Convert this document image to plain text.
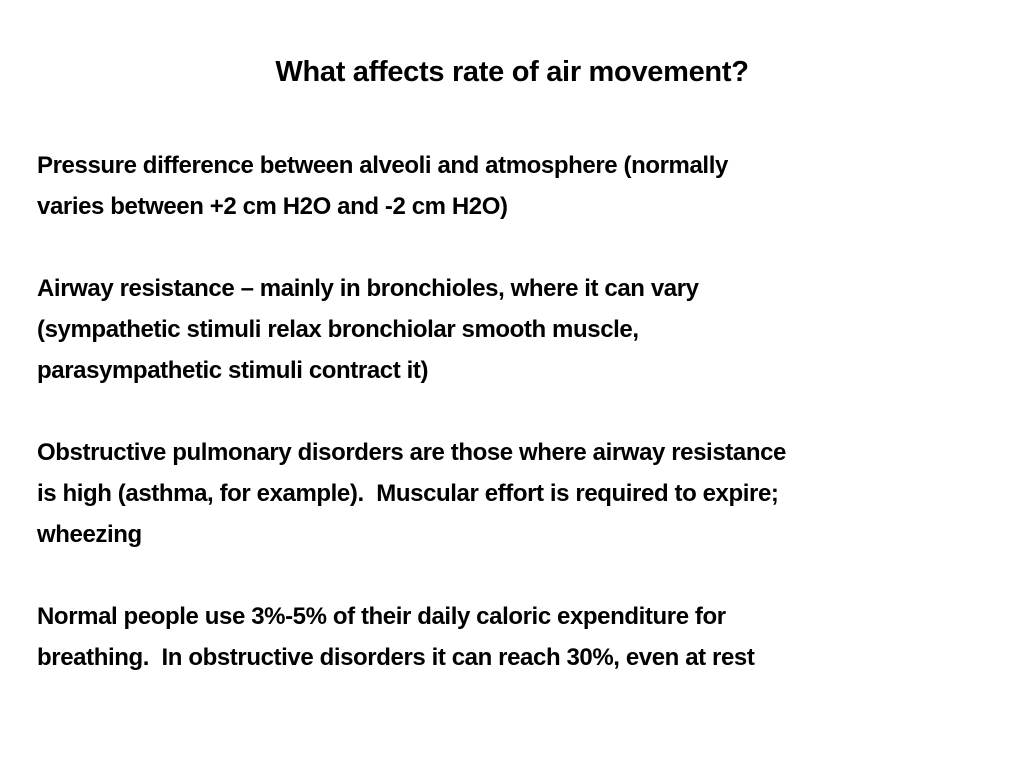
What affects rate of air movement?
Pressure difference between alveoli and atmosphere (normally
varies between +2 cm H2O and -2 cm H2O)
Airway resistance – mainly in bronchioles, where it can vary
(sympathetic stimuli relax bronchiolar smooth muscle,
parasympathetic stimuli contract it)
Obstructive pulmonary disorders are those where airway resistance
is high (asthma, for example).  Muscular effort is required to expire;
wheezing
Normal people use 3%-5% of their daily caloric expenditure for
breathing.  In obstructive disorders it can reach 30%, even at rest
